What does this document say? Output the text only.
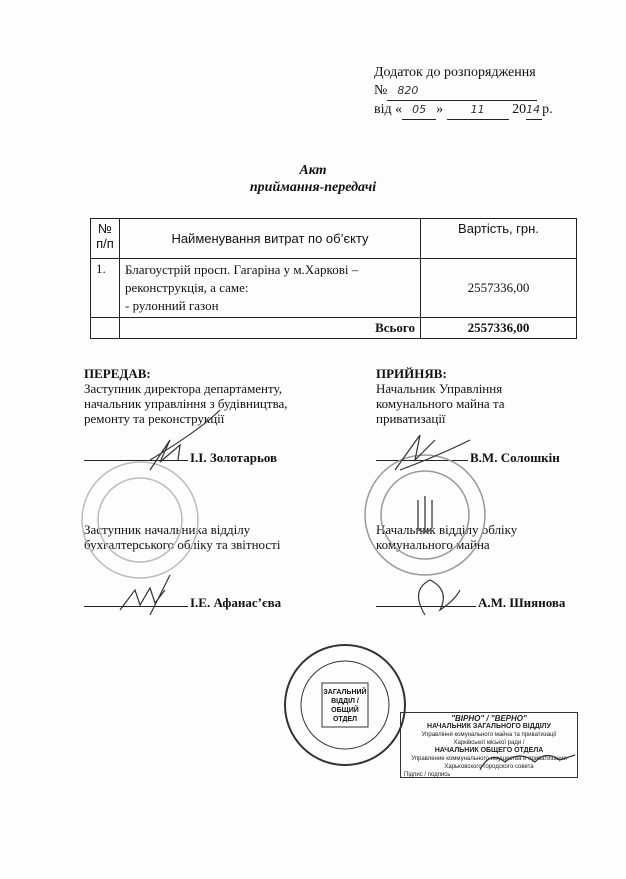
Додаток до розпорядження
№ 820
від « 05 »	11 2014 р.
Акт
приймання-передачі
№ п/п	Найменування витрат по об’єкту	Вартість, грн.
1.	Благоустрій просп. Гагаріна у м.Харкові –
реконструкція, а саме:
- рулонний газон	2557336,00
	Всього	2557336,00
ПЕРЕДАВ:
Заступник директора департаменту,
начальник управління з будівництва,
ремонту та реконструкції
І.І. Золотарьов
Заступник начальника відділу
бухгалтерського обліку та звітності
І.Е. Афанас’єва
ПРИЙНЯВ:
Начальник Управління
комунального майна та
приватизації
В.М. Солошкін
Начальник відділу обліку
комунального майна
А.М. Шиянова
ЗАГАЛЬНИЙ ВІДДІЛ / ОБЩИЙ ОТДЕЛ	"ВІРНО" / "ВЕРНО"
НАЧАЛЬНИК ЗАГАЛЬНОГО ВІДДІЛУ
Управління комунального майна та приватизації
Харківської міської ради /
НАЧАЛЬНИК ОБЩЕГО ОТДЕЛА
Управление коммунального имущества и приватизации
Харьковского городского совета
Підпис / подпись
